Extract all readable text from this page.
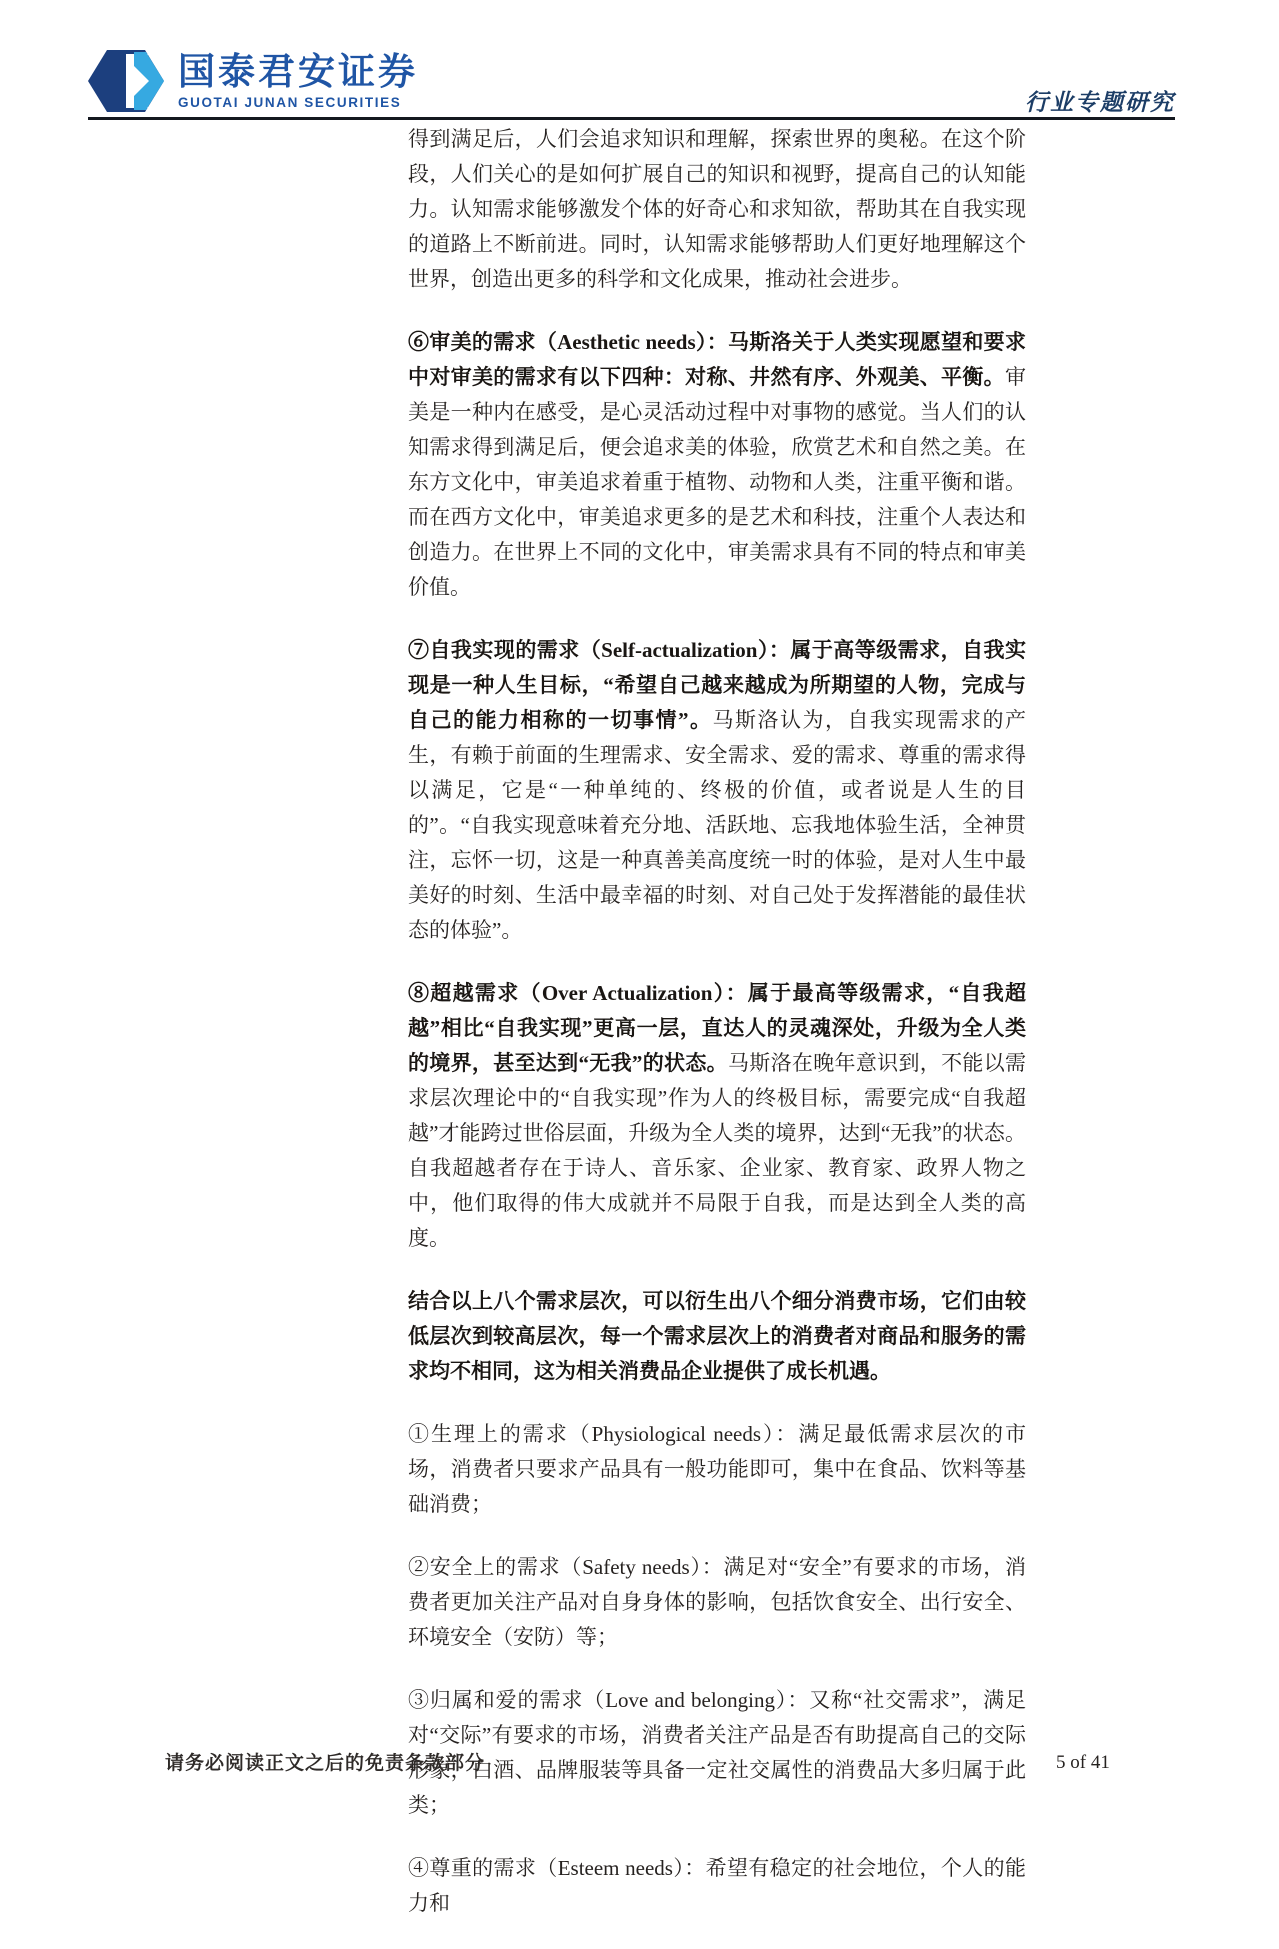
国泰君安证券
GUOTAI JUNAN SECURITIES	行业专题研究

得到满足后，人们会追求知识和理解，探索世界的奥秘。在这个阶段，人们关心的是如何扩展自己的知识和视野，提高自己的认知能力。认知需求能够激发个体的好奇心和求知欲，帮助其在自我实现的道路上不断前进。同时，认知需求能够帮助人们更好地理解这个世界，创造出更多的科学和文化成果，推动社会进步。

⑥审美的需求（Aesthetic needs）：马斯洛关于人类实现愿望和要求中对审美的需求有以下四种：对称、井然有序、外观美、平衡。审美是一种内在感受，是心灵活动过程中对事物的感觉。当人们的认知需求得到满足后，便会追求美的体验，欣赏艺术和自然之美。在东方文化中，审美追求着重于植物、动物和人类，注重平衡和谐。而在西方文化中，审美追求更多的是艺术和科技，注重个人表达和创造力。在世界上不同的文化中，审美需求具有不同的特点和审美价值。

⑦自我实现的需求（Self-actualization）：属于高等级需求，自我实现是一种人生目标，“希望自己越来越成为所期望的人物，完成与自己的能力相称的一切事情”。马斯洛认为，自我实现需求的产生，有赖于前面的生理需求、安全需求、爱的需求、尊重的需求得以满足，它是“一种单纯的、终极的价值，或者说是人生的目的”。“自我实现意味着充分地、活跃地、忘我地体验生活，全神贯注，忘怀一切，这是一种真善美高度统一时的体验，是对人生中最美好的时刻、生活中最幸福的时刻、对自己处于发挥潜能的最佳状态的体验”。

⑧超越需求（Over Actualization）：属于最高等级需求，“自我超越”相比“自我实现”更高一层，直达人的灵魂深处，升级为全人类的境界，甚至达到“无我”的状态。马斯洛在晚年意识到，不能以需求层次理论中的“自我实现”作为人的终极目标，需要完成“自我超越”才能跨过世俗层面，升级为全人类的境界，达到“无我”的状态。自我超越者存在于诗人、音乐家、企业家、教育家、政界人物之中，他们取得的伟大成就并不局限于自我，而是达到全人类的高度。

结合以上八个需求层次，可以衍生出八个细分消费市场，它们由较低层次到较高层次，每一个需求层次上的消费者对商品和服务的需求均不相同，这为相关消费品企业提供了成长机遇。

①生理上的需求（Physiological needs）：满足最低需求层次的市场，消费者只要求产品具有一般功能即可，集中在食品、饮料等基础消费；

②安全上的需求（Safety needs）：满足对“安全”有要求的市场，消费者更加关注产品对自身身体的影响，包括饮食安全、出行安全、环境安全（安防）等；

③归属和爱的需求（Love and belonging）：又称“社交需求”，满足对“交际”有要求的市场，消费者关注产品是否有助提高自己的交际形象，白酒、品牌服装等具备一定社交属性的消费品大多归属于此类；

④尊重的需求（Esteem needs）：希望有稳定的社会地位，个人的能力和

请务必阅读正文之后的免责条款部分	5 of 41
